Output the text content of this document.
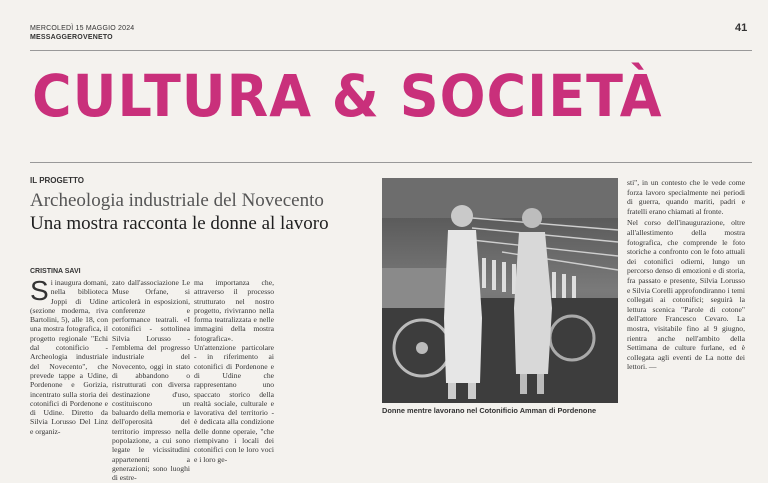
MERCOLEDÌ 15 MAGGIO 2024
MESSAGGEROVENETO
41
CULTURA & SOCIETÀ
IL PROGETTO
Archeologia industriale del Novecento
Una mostra racconta le donne al lavoro
CRISTINA SAVI
Si inaugura domani, nella biblioteca Joppi di Udine (sezione moderna, riva Bartolini, 5), alle 18, con una mostra fotografica, il progetto regionale "Echi dal cotonificio - Archeologia industriale del Novecento", che prevede tappe a Udine, Pordenone e Gorizia, incentrato sulla storia dei cotonifici di Pordenone e di Udine. Diretto da Silvia Lorusso Del Linz e organiz-
zato dall'associazione Le Muse Orfane, si articolerà in esposizioni, conferenze e performance teatrali. «I cotonifici - sottolinea Silvia Lorusso - l'emblema del progresso industriale del Novecento, oggi in stato di abbandono o ristrutturati con diversa destinazione d'uso, costituiscono un baluardo della memoria e dell'operosità del territorio impresso nella popolazione, a cui sono legate le vicissitudini appartenenti a generazioni; sono luoghi di estre-
ma importanza che, attraverso il processo strutturato nel nostro progetto, rivivranno nella forma teatralizzata e nelle immagini della mostra fotografica». Un'attenzione particolare - in riferimento ai cotonifici di Pordenone e di Udine che rappresentano uno spaccato storico della realtà sociale, culturale e lavorativa del territorio - è dedicata alla condizione delle donne operaie, "che riempivano i locali dei cotonifici con le loro voci e i loro ge-
Donne mentre lavorano nel Cotonificio Amman di Pordenone

sti", in un contesto che le vede come forza lavoro specialmente nei periodi di guerra, quando mariti, padri e fratelli erano chiamati al fronte.

Nel corso dell'inaugurazione, oltre all'allestimento della mostra fotografica, che comprende le foto storiche a confronto con le foto attuali dei cotonifici odierni, lungo un percorso denso di emozioni e di storia, fra passato e presente, Silvia Lorusso e Silvia Corelli approfondiranno i temi collegati ai cotonifici; seguirà la lettura scenica "Parole di cotone" dell'attore Francesco Cevaro. La mostra, visitabile fino al 9 giugno, rientra anche nell'ambito della Settimana de culture furlane, ed è collegata agli eventi de La notte dei lettori. —
